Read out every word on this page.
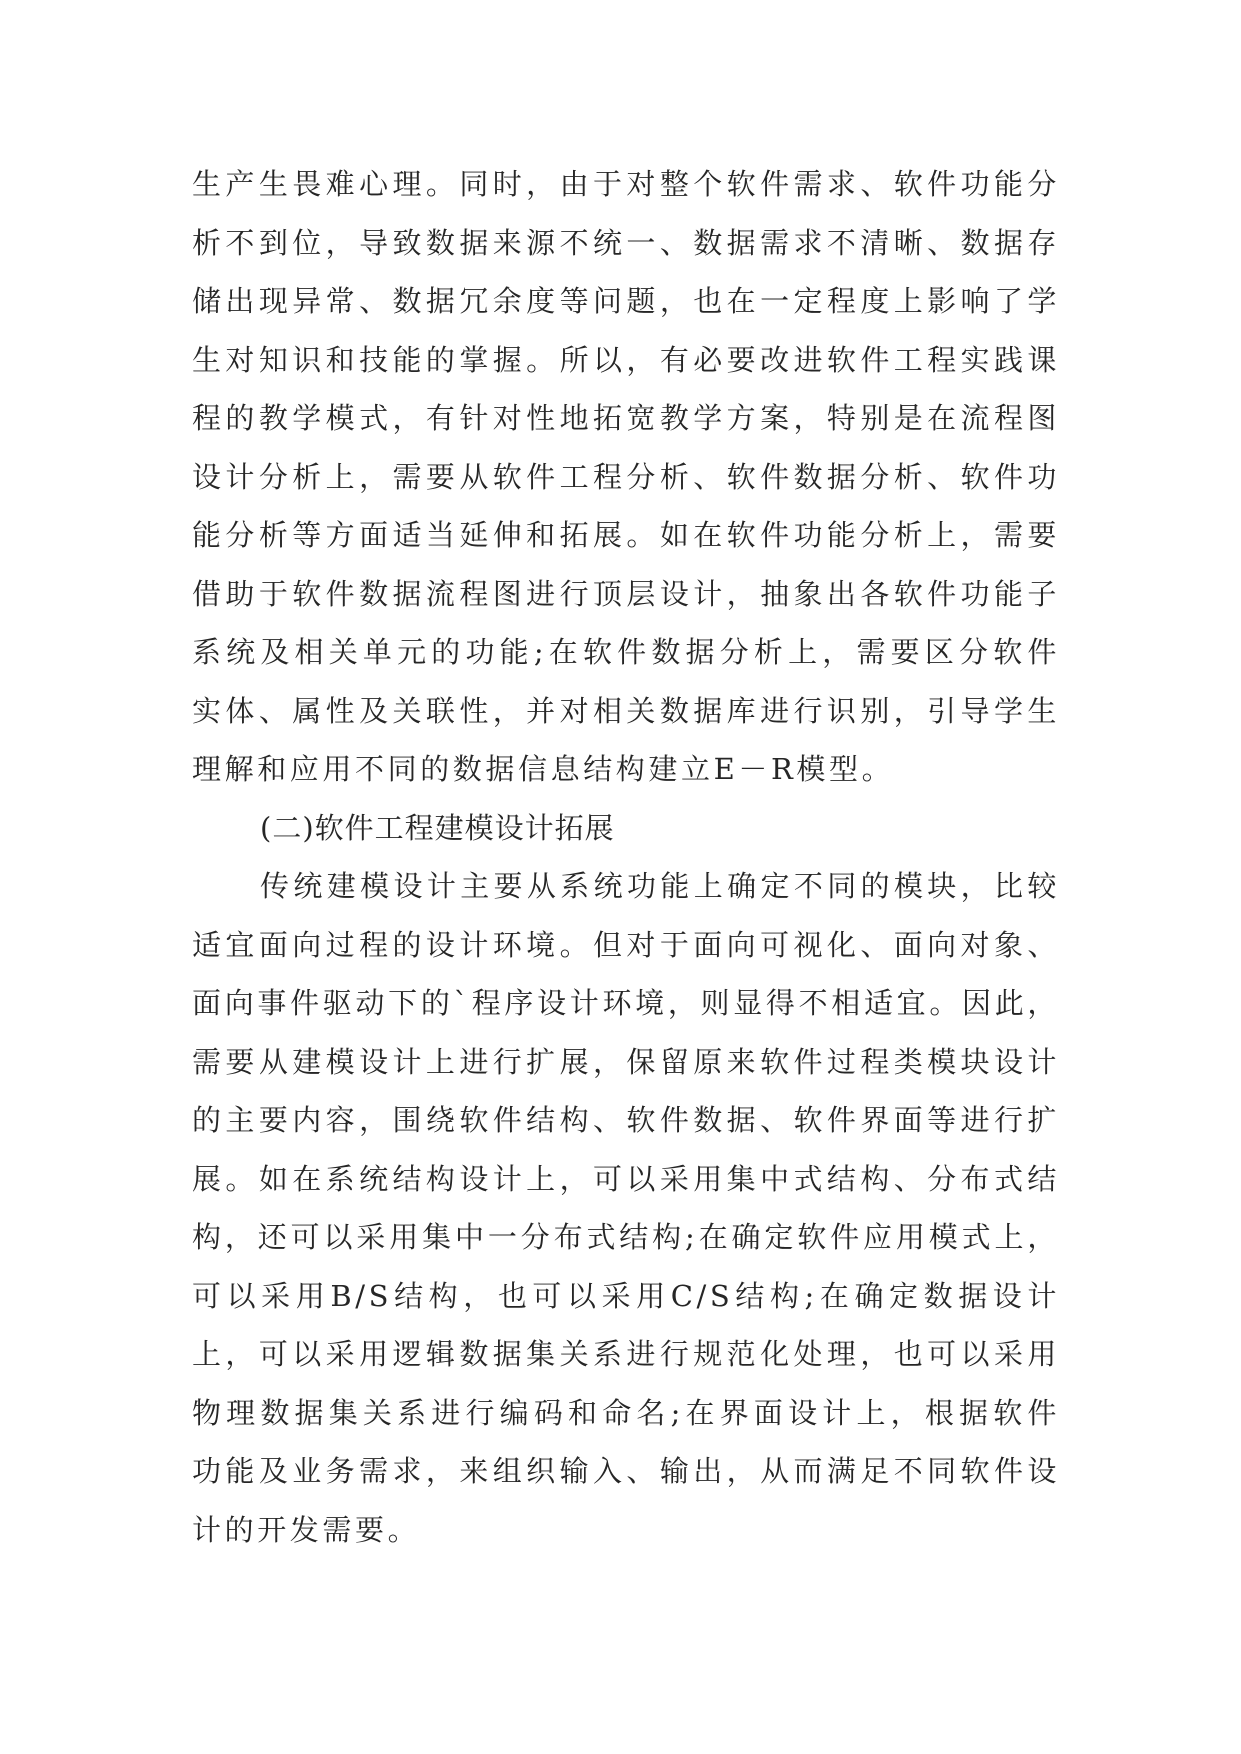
生产生畏难心理。同时，由于对整个软件需求、软件功能分
析不到位，导致数据来源不统一、数据需求不清晰、数据存
储出现异常、数据冗余度等问题，也在一定程度上影响了学
生对知识和技能的掌握。所以，有必要改进软件工程实践课
程的教学模式，有针对性地拓宽教学方案，特别是在流程图
设计分析上，需要从软件工程分析、软件数据分析、软件功
能分析等方面适当延伸和拓展。如在软件功能分析上，需要
借助于软件数据流程图进行顶层设计，抽象出各软件功能子
系统及相关单元的功能;在软件数据分析上，需要区分软件
实体、属性及关联性，并对相关数据库进行识别，引导学生
理解和应用不同的数据信息结构建立E－R模型。
(二)软件工程建模设计拓展
传统建模设计主要从系统功能上确定不同的模块，比较
适宜面向过程的设计环境。但对于面向可视化、面向对象、
面向事件驱动下的`程序设计环境，则显得不相适宜。因此，
需要从建模设计上进行扩展，保留原来软件过程类模块设计
的主要内容，围绕软件结构、软件数据、软件界面等进行扩
展。如在系统结构设计上，可以采用集中式结构、分布式结
构，还可以采用集中一分布式结构;在确定软件应用模式上，
可以采用B/S结构，也可以采用C/S结构;在确定数据设计
上，可以采用逻辑数据集关系进行规范化处理，也可以采用
物理数据集关系进行编码和命名;在界面设计上，根据软件
功能及业务需求，来组织输入、输出，从而满足不同软件设
计的开发需要。
